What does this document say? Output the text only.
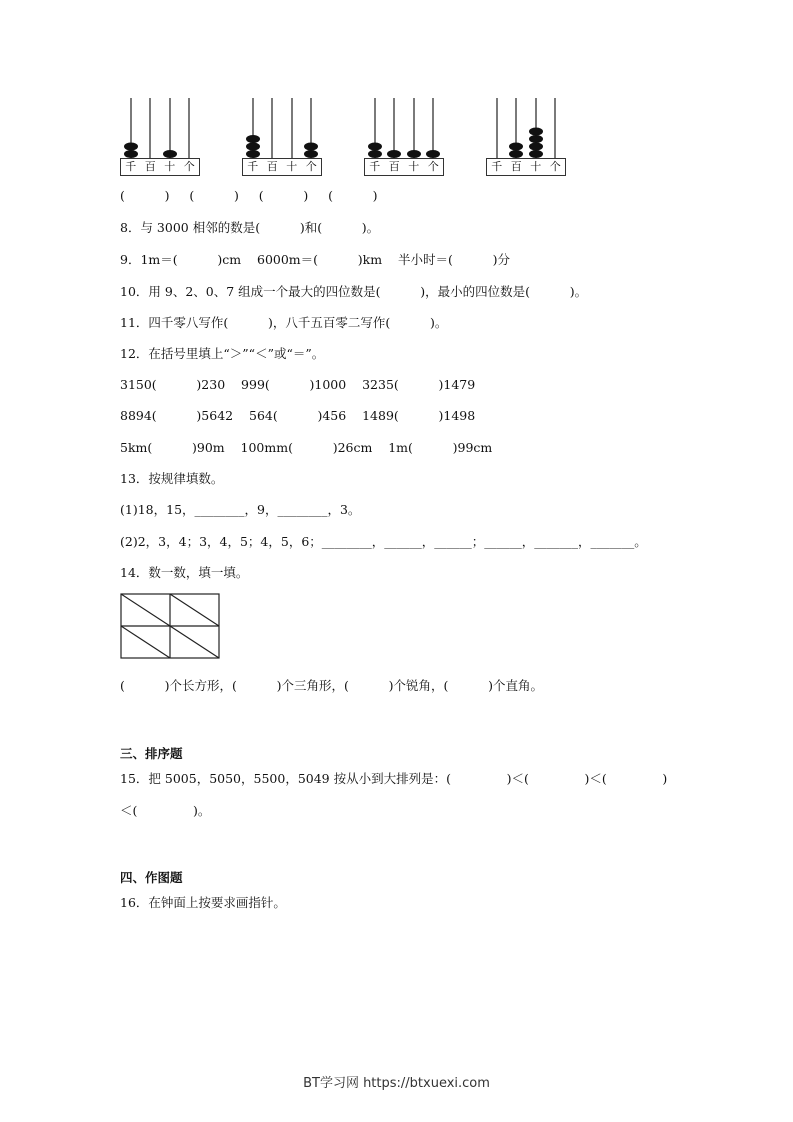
千 百 十 个	千 百 十 个	千 百 十 个	千 百 十 个
(          )     (          )     (          )     (          )
8．与 3000 相邻的数是(          )和(          )。
9．1m＝(          )cm    6000m＝(          )km    半小时＝(          )分
10．用 9、2、0、7 组成一个最大的四位数是(          )，最小的四位数是(          )。
11．四千零八写作(          )，八千五百零二写作(          )。
12．在括号里填上“＞”“＜”或“＝”。
3150(          )230    999(          )1000    3235(          )1479
8894(          )5642    564(          )456    1489(          )1498
5km(          )90m    100mm(          )26cm    1m(          )99cm
13．按规律填数。
(1)18，15，________，9，________，3。
(2)2，3，4；3，4，5；4，5，6；________，______，______；______，_______，_______。
14．数一数，填一填。
(          )个长方形，(          )个三角形，(          )个锐角，(          )个直角。
三、排序题
15．把 5005，5050，5500，5049 按从小到大排列是：(              )＜(              )＜(              )
＜(              )。
四、作图题
16．在钟面上按要求画指针。
BT学习网 https://btxuexi.com
